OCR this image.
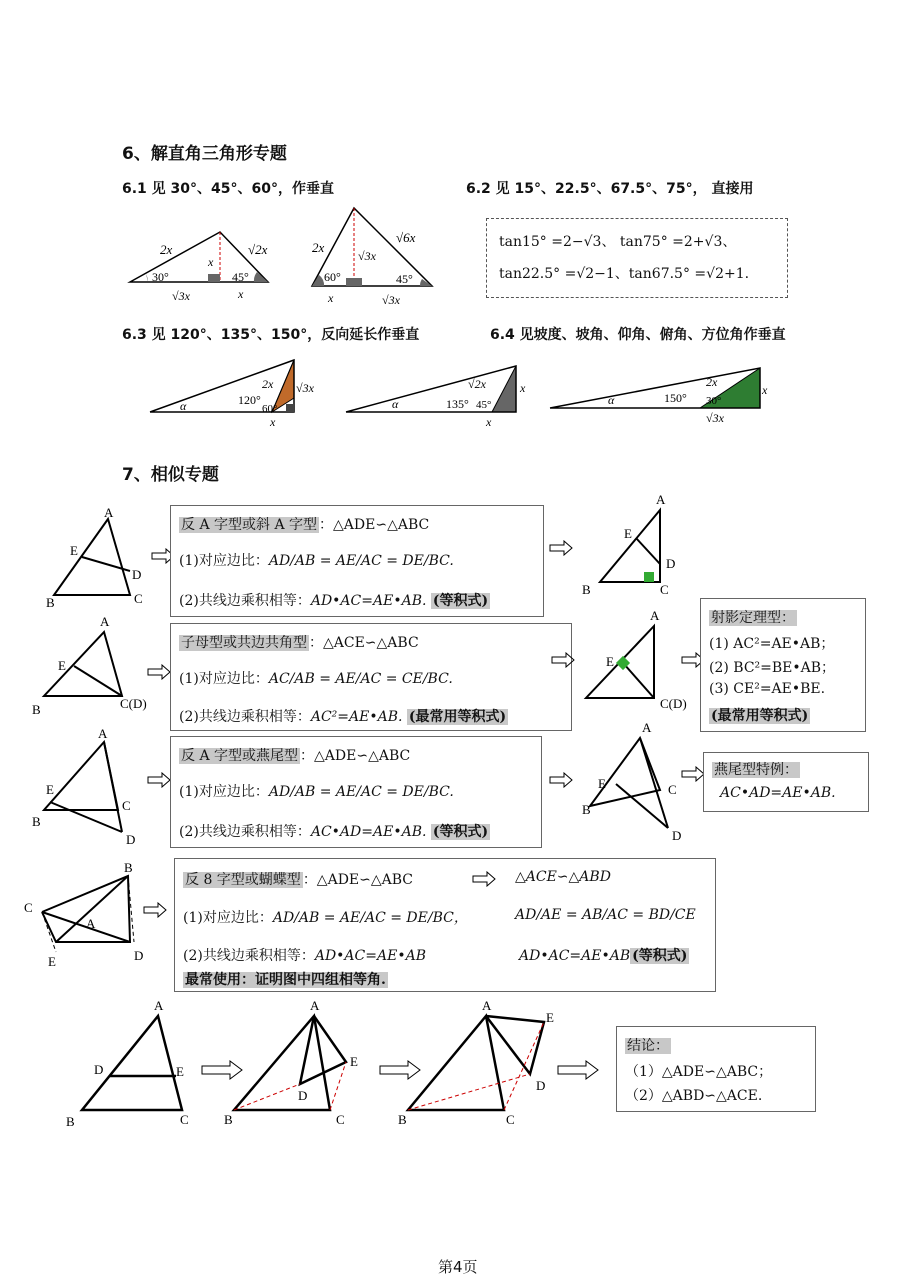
6、解直角三角形专题
6.1 见 30°、45°、60°，作垂直	6.2 见 15°、22.5°、67.5°、75°， 直接用
2x	√2x
x
30°	45°
√3x	x
2x
√6x
√3x
60°	45°
x	√3x
tan15° =2−√3、 tan75° =2+√3、
tan22.5° =√2−1、tan67.5° =√2+1.
6.3 见 120°、135°、150°，反向延长作垂直	6.4 见坡度、坡角、仰角、俯角、方位角作垂直
α	120°
2x √3x
60°
x
α	135° 45°
√2x	x
x
α	150° 30°
2x
x
√3x
7、相似专题
A
E
D
B	C
反 A 字型或斜 A 字型 ：△ADE∽△ABC
(1)对应边比：AD/AB = AE/AC = DE/BC.
(2)共线边乘积相等：AD•AC=AE•AB. (等积式)
A
E
D
B	C
A
E
B	C(D)
子母型或共边共角型 ：△ACE∽△ABC
(1)对应边比：AC/AB = AE/AC = CE/BC.
(2)共线边乘积相等：AC²=AE•AB. (最常用等积式)
A
E
C(D)
射影定理型：
(1) AC²=AE•AB；
(2) BC²=BE•AB；
(3) CE²=AE•BE.
(最常用等积式)
A
E
C
B
D
反 A 字型或燕尾型 ：△ADE∽△ABC
(1)对应边比：AD/AB = AE/AC = DE/BC.
(2)共线边乘积相等：AC•AD=AE•AB. (等积式)
A
E	C
B
D
燕尾型特例：
AC•AD=AE•AB.
B
C
A
E	D
反 8 字型或蝴蝶型 ：△ADE∽△ABC	△ACE∽△ABD
(1)对应边比：AD/AB = AE/AC = DE/BC，	AD/AE = AB/AC = BD/CE
(2)共线边乘积相等：AD•AC=AE•AB	AD•AC=AE•AB (等积式)
最常使用：证明图中四组相等角.
A
D	E
B	C
A
E
D
B	C
A
E
D
B	C
结论：
（1）△ADE∽△ABC；
（2）△ABD∽△ACE.
第4页
